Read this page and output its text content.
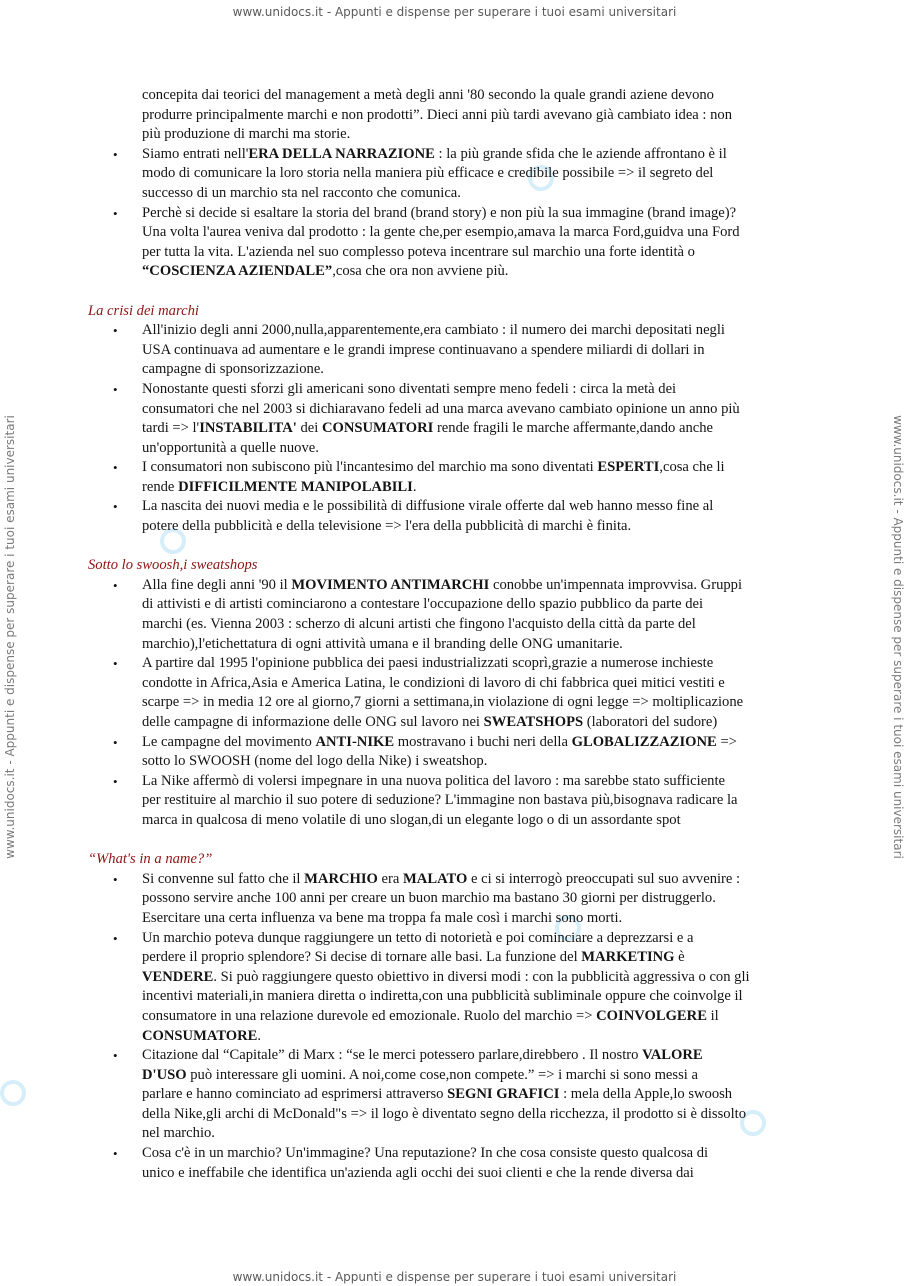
www.unidocs.it - Appunti e dispense per superare i tuoi esami universitari
www.unidocs.it - Appunti e dispense per superare i tuoi esami universitari
www.unidocs.it - Appunti e dispense per superare i tuoi esami universitari	www.unidocs.it - Appunti e dispense per superare i tuoi esami universitari
concepita dai teorici del management a metà degli anni '80 secondo la quale grandi aziene devono
produrre principalmente marchi e non prodotti”. Dieci anni più tardi avevano già cambiato idea : non
più produzione di marchi ma storie.
• Siamo entrati nell'ERA DELLA NARRAZIONE : la più grande sfida che le aziende affrontano è il
modo di comunicare la loro storia nella maniera più efficace e credibile possibile => il segreto del
successo di un marchio sta nel racconto che comunica.
• Perchè si decide si esaltare la storia del brand (brand story) e non più la sua immagine (brand image)?
Una volta l'aurea veniva dal prodotto : la gente che,per esempio,amava la marca Ford,guidva una Ford
per tutta la vita. L'azienda nel suo complesso poteva incentrare sul marchio una forte identità o
“COSCIENZA AZIENDALE”,cosa che ora non avviene più.
La crisi dei marchi
• All'inizio degli anni 2000,nulla,apparentemente,era cambiato : il numero dei marchi depositati negli
USA continuava ad aumentare e le grandi imprese continuavano a spendere miliardi di dollari in
campagne di sponsorizzazione.
• Nonostante questi sforzi gli americani sono diventati sempre meno fedeli : circa la metà dei
consumatori che nel 2003 si dichiaravano fedeli ad una marca avevano cambiato opinione un anno più
tardi => l'INSTABILITA' dei CONSUMATORI rende fragili le marche affermante,dando anche
un'opportunità a quelle nuove.
• I consumatori non subiscono più l'incantesimo del marchio ma sono diventati ESPERTI,cosa che li
rende DIFFICILMENTE MANIPOLABILI.
• La nascita dei nuovi media e le possibilità di diffusione virale offerte dal web hanno messo fine al
potere della pubblicità e della televisione => l'era della pubblicità di marchi è finita.
Sotto lo swoosh,i sweatshops
• Alla fine degli anni '90 il MOVIMENTO ANTIMARCHI conobbe un'impennata improvvisa. Gruppi
di attivisti e di artisti cominciarono a contestare l'occupazione dello spazio pubblico da parte dei
marchi (es. Vienna 2003 : scherzo di alcuni artisti che fingono l'acquisto della città da parte del
marchio),l'etichettatura di ogni attività umana e il branding delle ONG umanitarie.
• A partire dal 1995 l'opinione pubblica dei paesi industrializzati scoprì,grazie a numerose inchieste
condotte in Africa,Asia e America Latina, le condizioni di lavoro di chi fabbrica quei mitici vestiti e
scarpe => in media 12 ore al giorno,7 giorni a settimana,in violazione di ogni legge => moltiplicazione
delle campagne di informazione delle ONG sul lavoro nei SWEATSHOPS (laboratori del sudore)
• Le campagne del movimento ANTI-NIKE mostravano i buchi neri della GLOBALIZZAZIONE =>
sotto lo SWOOSH (nome del logo della Nike) i sweatshop.
• La Nike affermò di volersi impegnare in una nuova politica del lavoro : ma sarebbe stato sufficiente
per restituire al marchio il suo potere di seduzione? L'immagine non bastava più,bisognava radicare la
marca in qualcosa di meno volatile di uno slogan,di un elegante logo o di un assordante spot
“What's in a name?”
• Si convenne sul fatto che il MARCHIO era MALATO e ci si interrogò preoccupati sul suo avvenire :
possono servire anche 100 anni per creare un buon marchio ma bastano 30 giorni per distruggerlo.
Esercitare una certa influenza va bene ma troppa fa male così i marchi sono morti.
• Un marchio poteva dunque raggiungere un tetto di notorietà e poi cominciare a deprezzarsi e a
perdere il proprio splendore? Si decise di tornare alle basi. La funzione del MARKETING è
VENDERE. Si può raggiungere questo obiettivo in diversi modi : con la pubblicità aggressiva o con gli
incentivi materiali,in maniera diretta o indiretta,con una pubblicità subliminale oppure che coinvolge il
consumatore in una relazione durevole ed emozionale. Ruolo del marchio => COINVOLGERE il
CONSUMATORE.
• Citazione dal “Capitale” di Marx : “se le merci potessero parlare,direbbero . Il nostro VALORE
D'USO può interessare gli uomini. A noi,come cose,non compete.” => i marchi si sono messi a
parlare e hanno cominciato ad esprimersi attraverso SEGNI GRAFICI : mela della Apple,lo swoosh
della Nike,gli archi di McDonald"s => il logo è diventato segno della ricchezza, il prodotto si è dissolto
nel marchio.
• Cosa c'è in un marchio? Un'immagine? Una reputazione? In che cosa consiste questo qualcosa di
unico e ineffabile che identifica un'azienda agli occhi dei suoi clienti e che la rende diversa dai
